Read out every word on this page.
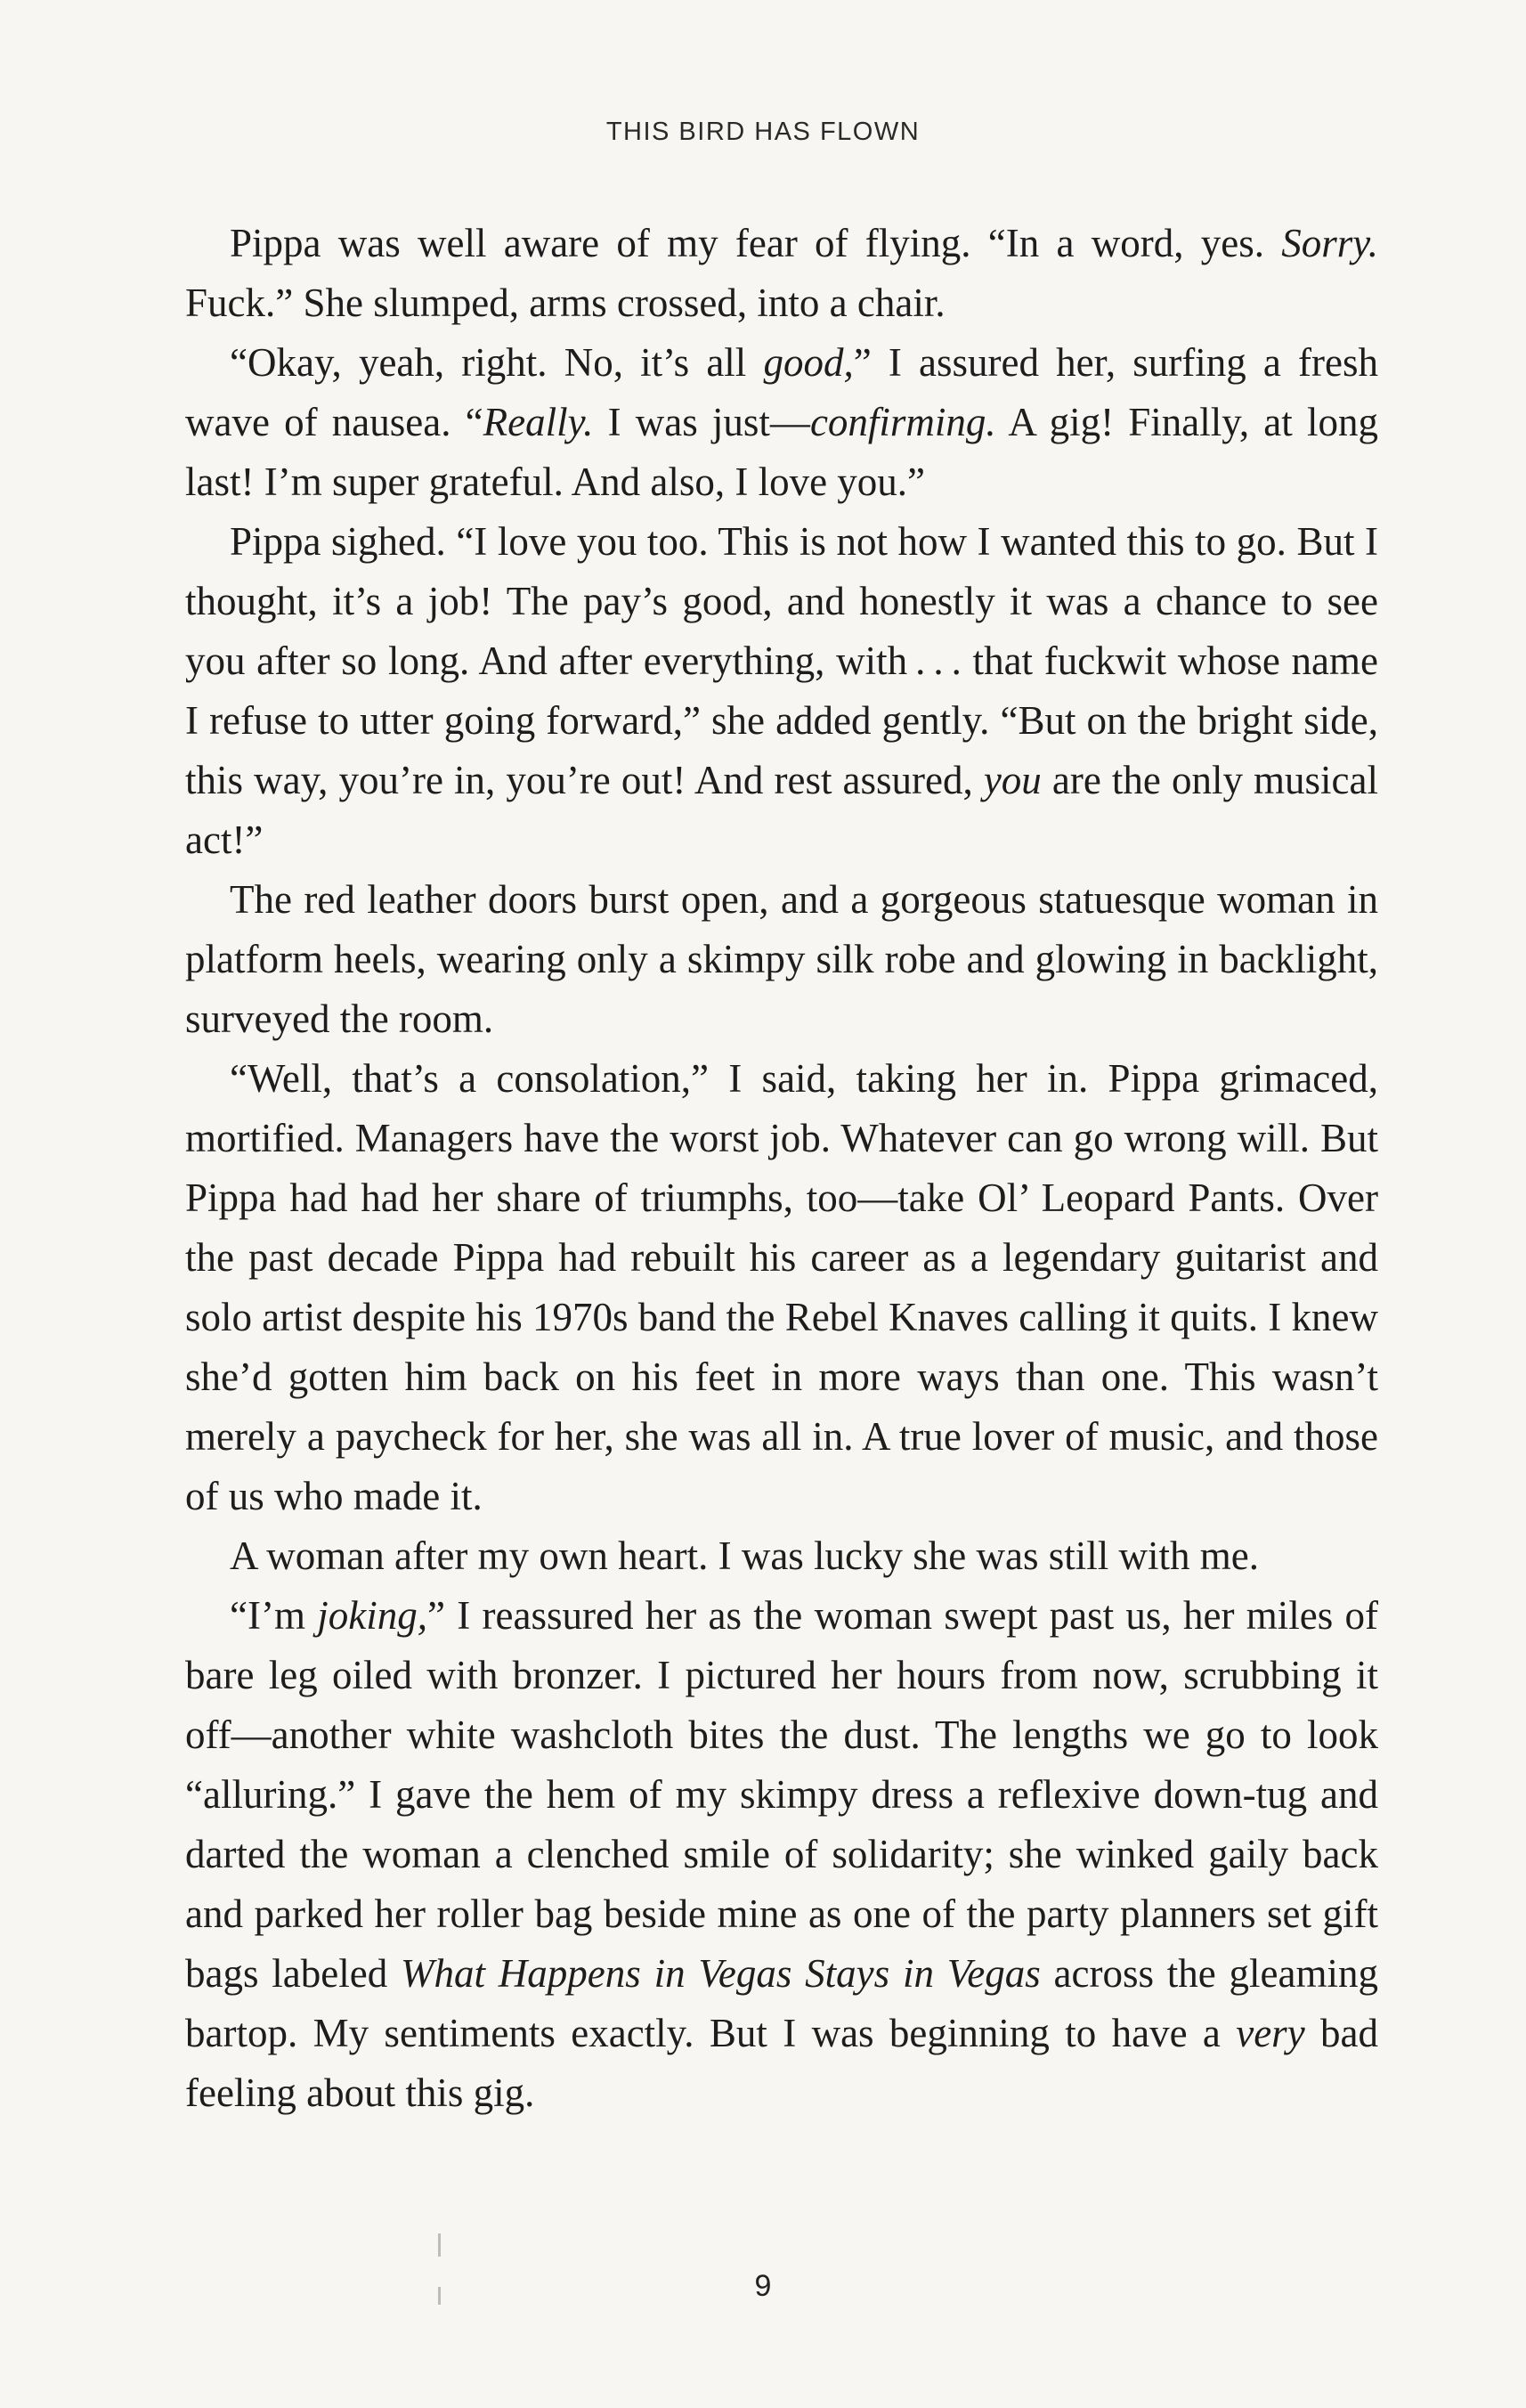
THIS BIRD HAS FLOWN

Pippa was well aware of my fear of flying. “In a word, yes. Sorry. Fuck.” She slumped, arms crossed, into a chair.

“Okay, yeah, right. No, it’s all good,” I assured her, surfing a fresh wave of nausea. “Really. I was just—confirming. A gig! Finally, at long last! I’m super grateful. And also, I love you.”

Pippa sighed. “I love you too. This is not how I wanted this to go. But I thought, it’s a job! The pay’s good, and honestly it was a chance to see you after so long. And after everything, with . . . that fuckwit whose name I refuse to utter going forward,” she added gently. “But on the bright side, this way, you’re in, you’re out! And rest assured, you are the only musical act!”

The red leather doors burst open, and a gorgeous statuesque woman in platform heels, wearing only a skimpy silk robe and glowing in backlight, surveyed the room.

“Well, that’s a consolation,” I said, taking her in. Pippa grimaced, mortified. Managers have the worst job. Whatever can go wrong will. But Pippa had had her share of triumphs, too—take Ol’ Leopard Pants. Over the past decade Pippa had rebuilt his career as a legendary guitarist and solo artist despite his 1970s band the Rebel Knaves calling it quits. I knew she’d gotten him back on his feet in more ways than one. This wasn’t merely a paycheck for her, she was all in. A true lover of music, and those of us who made it.

A woman after my own heart. I was lucky she was still with me.

“I’m joking,” I reassured her as the woman swept past us, her miles of bare leg oiled with bronzer. I pictured her hours from now, scrubbing it off—another white washcloth bites the dust. The lengths we go to look “alluring.” I gave the hem of my skimpy dress a reflexive down-tug and darted the woman a clenched smile of solidarity; she winked gaily back and parked her roller bag beside mine as one of the party planners set gift bags labeled What Happens in Vegas Stays in Vegas across the gleaming bartop. My sentiments exactly. But I was beginning to have a very bad feeling about this gig.

9
